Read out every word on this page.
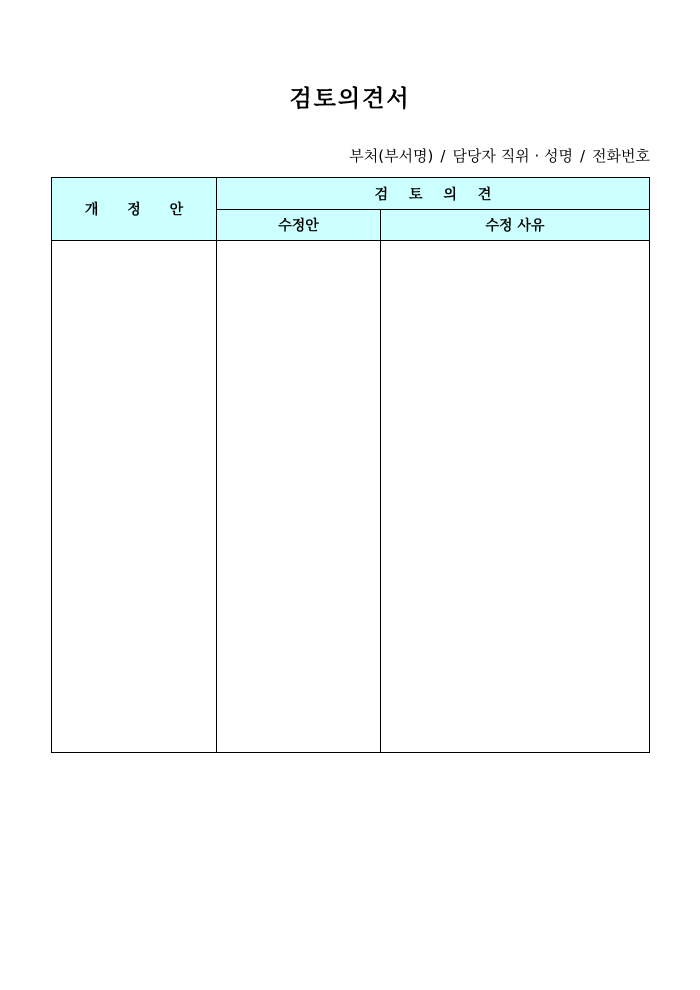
검토의견서
부처(부서명) / 담당자 직위 · 성명 / 전화번호
개 정 안	검 토 의 견	
	수정안	수정 사유
